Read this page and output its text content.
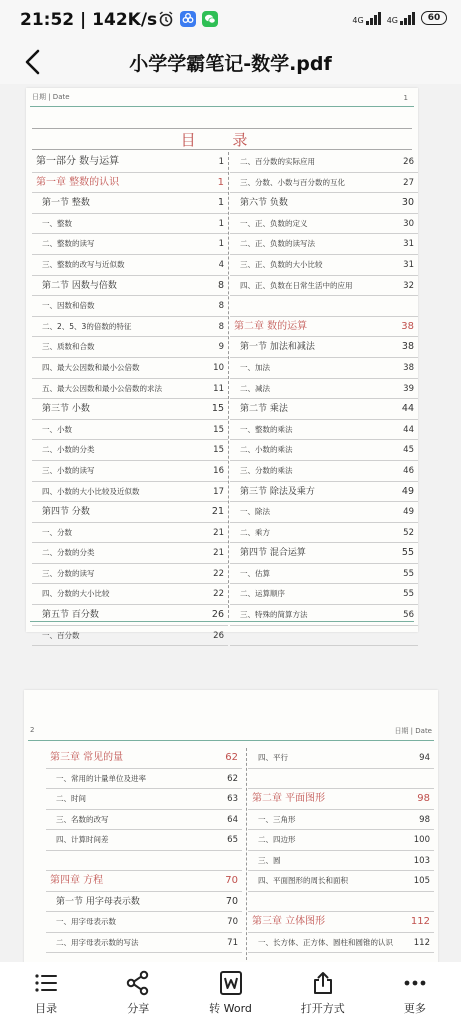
21:52 | 142K/s	4G	4G	60
小学学霸笔记-数学.pdf
日期 | Date	1
目 录
第一部分 数与运算	1
第一章 整数的认识	1
第一节 整数	1
一、整数	1
二、整数的读写	1
三、整数的改写与近似数	4
第二节 因数与倍数	8
一、因数和倍数	8
二、2、5、3的倍数的特征	8
三、质数和合数	9
四、最大公因数和最小公倍数	10
五、最大公因数和最小公倍数的求法	11
第三节 小数	15
一、小数	15
二、小数的分类	15
三、小数的读写	16
四、小数的大小比较及近似数	17
第四节 分数	21
一、分数	21
二、分数的分类	21
三、分数的读写	22
四、分数的大小比较	22
第五节 百分数	26
一、百分数	26
二、百分数的实际应用	26
三、分数、小数与百分数的互化	27
第六节 负数	30
一、正、负数的定义	30
二、正、负数的读写法	31
三、正、负数的大小比较	31
四、正、负数在日常生活中的应用	32
第二章 数的运算	38
第一节 加法和减法	38
一、加法	38
二、减法	39
第二节 乘法	44
一、整数的乘法	44
二、小数的乘法	45
三、分数的乘法	46
第三节 除法及乘方	49
一、除法	49
二、乘方	52
第四节 混合运算	55
一、估算	55
二、运算顺序	55
三、特殊的简算方法	56
2	日期 | Date
第三章 常见的量	62
一、常用的计量单位及进率	62
二、时间	63
三、名数的改写	64
四、计算时间差	65
第四章 方程	70
第一节 用字母表示数	70
一、用字母表示数	70
二、用字母表示数的写法	71
四、平行	94
第二章 平面图形	98
一、三角形	98
二、四边形	100
三、圆	103
四、平面图形的周长和面积	105
第三章 立体图形	112
一、长方体、正方体、圆柱和圆锥的认识 112
目录	分享	转 Word	打开方式	更多
